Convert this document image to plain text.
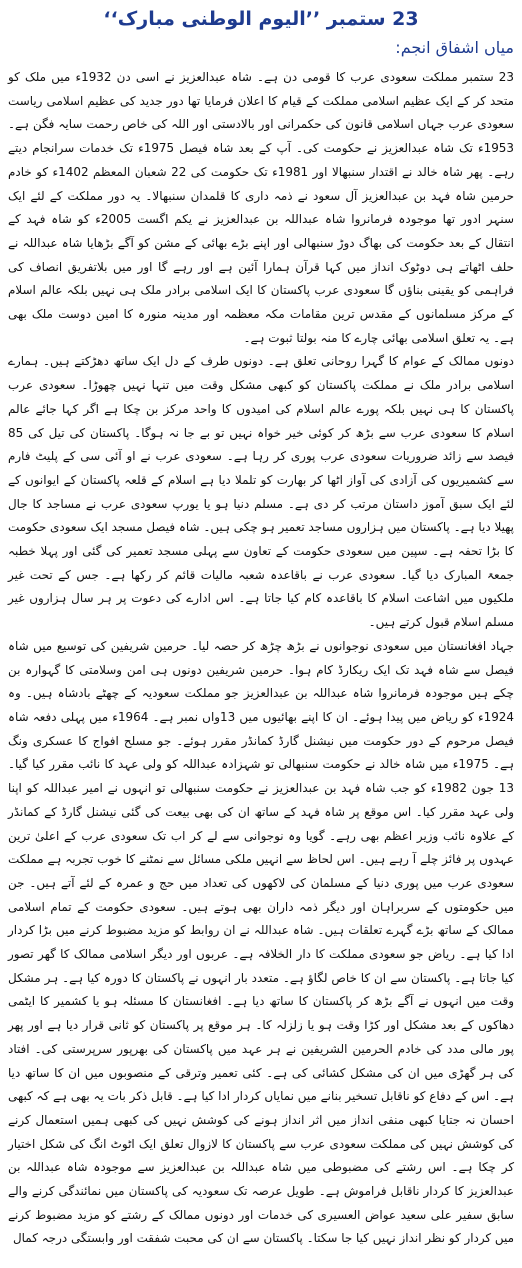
23 ستمبر ’’الیوم الوطنی مبارک‘‘
میاں اشفاق انجم:

23 ستمبر مملکت سعودی عرب کا قومی دن ہے۔ شاہ عبدالعزیز نے اسی دن 1932ء میں ملک کو متحد کر کے ایک عظیم اسلامی مملکت کے قیام کا اعلان فرمایا تھا دور جدید کی عظیم اسلامی ریاست سعودی عرب جہاں اسلامی قانون کی حکمرانی اور بالادستی اور اللہ کی خاص رحمت سایہ فگن ہے۔ 1953ء تک شاہ عبدالعزیز نے حکومت کی۔ آپ کے بعد شاہ فیصل 1975ء تک خدمات سرانجام دیتے رہے۔ پھر شاہ خالد نے اقتدار سنبھالا اور 1981ء تک حکومت کی 22 شعبان المعظم 1402ء کو خادم حرمین شاہ فہد بن عبدالعزیز آل سعود نے ذمہ داری کا قلمدان سنبھالا۔ یہ دور مملکت کے لئے ایک سنہر ادور تھا موجودہ فرمانروا شاہ عبداللہ بن عبدالعزیز نے یکم اگست 2005ء کو شاہ فہد کے انتقال کے بعد حکومت کی بھاگ دوڑ سنبھالی اور اپنے بڑے بھائی کے مشن کو آگے بڑھایا شاہ عبداللہ نے حلف اٹھاتے ہی دوٹوک انداز میں کہا قرآن ہمارا آئین ہے اور رہے گا اور میں بلاتفریق انصاف کی فراہمی کو یقینی بناؤں گا سعودی عرب پاکستان کا ایک اسلامی برادر ملک ہی نہیں بلکہ عالم اسلام کے مرکز مسلمانوں کے مقدس ترین مقامات مکہ معظمہ اور مدینہ منورہ کا امین دوست ملک بھی ہے۔ یہ تعلق اسلامی بھائی چارے کا منہ بولتا ثبوت ہے۔

دونوں ممالک کے عوام کا گہرا روحانی تعلق ہے۔ دونوں طرف کے دل ایک ساتھ دھڑکتے ہیں۔ ہمارے اسلامی برادر ملک نے مملکت پاکستان کو کبھی مشکل وقت میں تنہا نہیں چھوڑا۔ سعودی عرب پاکستان کا ہی نہیں بلکہ پورے عالم اسلام کی امیدوں کا واحد مرکز بن چکا ہے اگر کہا جائے عالم اسلام کا سعودی عرب سے بڑھ کر کوئی خیر خواہ نہیں تو بے جا نہ ہوگا۔ پاکستان کی تیل کی 85 فیصد سے زائد ضروریات سعودی عرب پوری کر رہا ہے۔ سعودی عرب نے او آئی سی کے پلیٹ فارم سے کشمیریوں کی آزادی کی آواز اٹھا کر بھارت کو تلملا دیا ہے اسلام کے قلعہ پاکستان کے ایوانوں کے لئے ایک سبق آموز داستان مرتب کر دی ہے۔ مسلم دنیا ہو یا یورپ سعودی عرب نے مساجد کا جال پھیلا دیا ہے۔ پاکستان میں ہزاروں مساجد تعمیر ہو چکی ہیں۔ شاہ فیصل مسجد ایک سعودی حکومت کا بڑا تحفہ ہے۔ سپین میں سعودی حکومت کے تعاون سے پہلی مسجد تعمیر کی گئی اور پہلا خطبہ جمعۃ المبارک دیا گیا۔ سعودی عرب نے باقاعدہ شعبہ مالیات قائم کر رکھا ہے۔ جس کے تحت غیر ملکیوں میں اشاعت اسلام کا باقاعدہ کام کیا جاتا ہے۔ اس ادارے کی دعوت پر ہر سال ہزاروں غیر مسلم اسلام قبول کرتے ہیں۔

جہاد افغانستان میں سعودی نوجوانوں نے بڑھ چڑھ کر حصہ لیا۔ حرمین شریفین کی توسیع میں شاہ فیصل سے شاہ فہد تک ایک ریکارڈ کام ہوا۔ حرمین شریفین دونوں ہی امن وسلامتی کا گہوارہ بن چکے ہیں موجودہ فرمانروا شاہ عبداللہ بن عبدالعزیز جو مملکت سعودیہ کے چھٹے بادشاہ ہیں۔ وہ 1924ء کو ریاض میں پیدا ہوئے۔ ان کا اپنے بھائیوں میں 13واں نمبر ہے۔ 1964ء میں پہلی دفعہ شاہ فیصل مرحوم کے دور حکومت میں نیشنل گارڈ کمانڈر مقرر ہوئے۔ جو مسلح افواج کا عسکری ونگ ہے۔ 1975ء میں شاہ خالد نے حکومت سنبھالی تو شہزادہ عبداللہ کو ولی عہد کا نائب مقرر کیا گیا۔ 13 جون 1982ء کو جب شاہ فہد بن عبدالعزیز نے حکومت سنبھالی تو انہوں نے امیر عبداللہ کو اپنا ولی عہد مقرر کیا۔ اس موقع پر شاہ فہد کے ساتھ ان کی بھی بیعت کی گئی نیشنل گارڈ کے کمانڈر کے علاوہ نائب وزیر اعظم بھی رہے۔ گویا وہ نوجوانی سے لے کر اب تک سعودی عرب کے اعلیٰ ترین عہدوں پر فائز چلے آ رہے ہیں۔ اس لحاظ سے انہیں ملکی مسائل سے نمٹنے کا خوب تجربہ ہے مملکت سعودی عرب میں پوری دنیا کے مسلمان کی لاکھوں کی تعداد میں حج و عمرہ کے لئے آتے ہیں۔ جن میں حکومتوں کے سربراہان اور دیگر ذمہ داران بھی ہوتے ہیں۔ سعودی حکومت کے تمام اسلامی ممالک کے ساتھ بڑے گہرے تعلقات ہیں۔ شاہ عبداللہ نے ان روابط کو مزید مضبوط کرنے میں بڑا کردار ادا کیا ہے۔ ریاض جو سعودی مملکت کا دار الخلافہ ہے۔ عربوں اور دیگر اسلامی ممالک کا گھر تصور کیا جاتا ہے۔ پاکستان سے ان کا خاص لگاؤ ہے۔ متعدد بار انہوں نے پاکستان کا دورہ کیا ہے۔ ہر مشکل وقت میں انہوں نے آگے بڑھ کر پاکستان کا ساتھ دیا ہے۔ افغانستان کا مسئلہ ہو یا کشمیر کا ایٹمی دھاکوں کے بعد مشکل اور کڑا وقت ہو یا زلزلہ کا۔ ہر موقع پر پاکستان کو ثانی قرار دیا ہے اور پھر پور مالی مدد کی خادم الحرمین الشریفین نے ہر عہد میں پاکستان کی بھرپور سرپرستی کی۔ افتاد کی ہر گھڑی میں ان کی مشکل کشائی کی ہے۔ کئی تعمیر وترقی کے منصوبوں میں ان کا ساتھ دیا ہے۔ اس کے دفاع کو ناقابل تسخیر بنانے میں نمایاں کردار ادا کیا ہے۔ قابل ذکر بات یہ بھی ہے کہ کبھی احسان نہ جتایا کبھی منفی انداز میں اثر انداز ہونے کی کوشش نہیں کی کبھی ہمیں استعمال کرنے کی کوشش نہیں کی مملکت سعودی عرب سے پاکستان کا لازوال تعلق ایک اٹوٹ انگ کی شکل اختیار کر چکا ہے۔ اس رشتے کی مضبوطی میں شاہ عبداللہ بن عبدالعزیز سے موجودہ شاہ عبداللہ بن عبدالعزیز کا کردار ناقابل فراموش ہے۔ طویل عرصہ تک سعودیہ کی پاکستان میں نمائندگی کرنے والے سابق سفیر علی سعید عواض العسیری کی خدمات اور دونوں ممالک کے رشتے کو مزید مضبوط کرنے میں کردار کو نظر انداز نہیں کیا جا سکتا۔ پاکستان سے ان کی محبت شفقت اور وابستگی درجہ کمال
